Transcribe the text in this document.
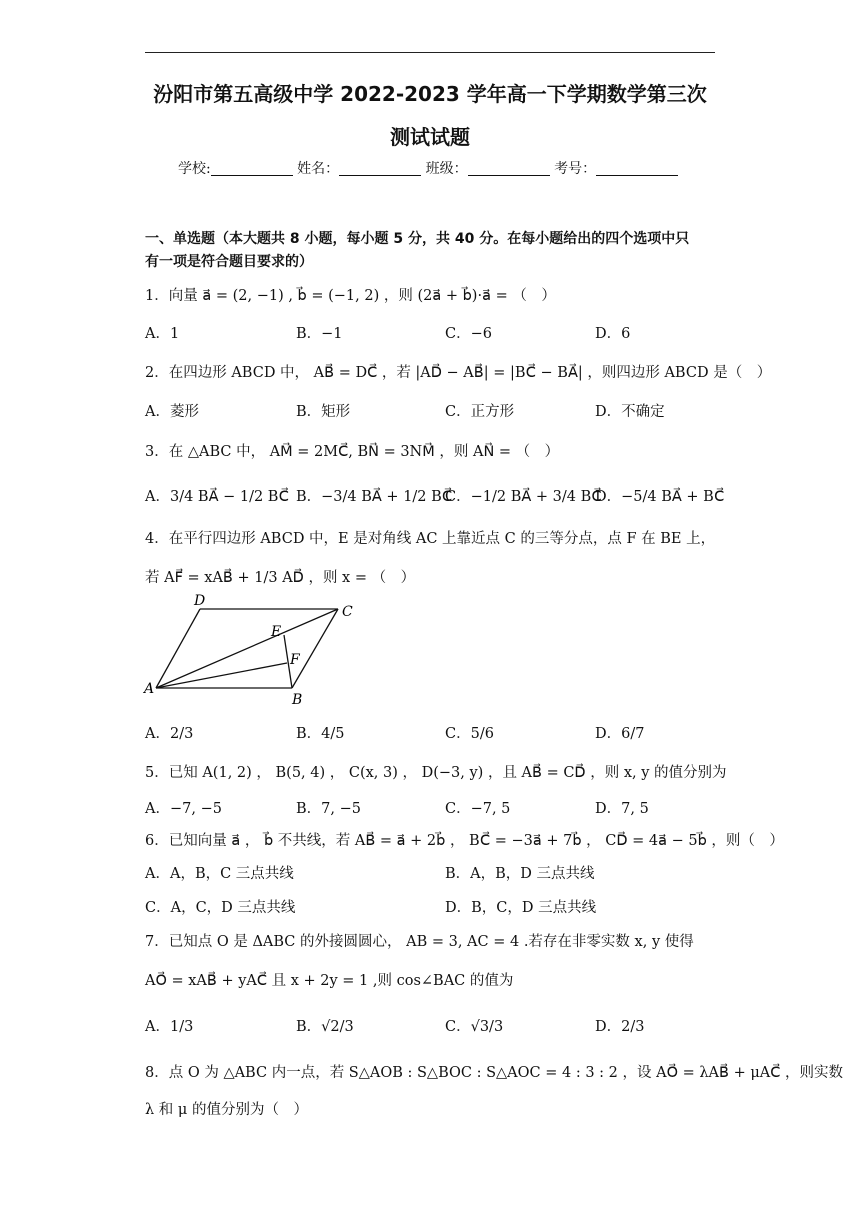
汾阳市第五高级中学 2022-2023 学年高一下学期数学第三次
测试试题
学校:	姓名：	班级：	考号：
一、单选题（本大题共 8 小题，每小题 5 分，共 40 分。在每小题给出的四个选项中只
有一项是符合题目要求的）
1．向量 a⃗ = (2, −1) , b⃗ = (−1, 2) ，则 (2a⃗ + b⃗)·a⃗ = （　）
A．1	B．−1	C．−6	D．6
2．在四边形 ABCD 中， AB⃗ = DC⃗ ，若 |AD⃗ − AB⃗| = |BC⃗ − BA⃗| ，则四边形 ABCD 是（　）
A．菱形	B．矩形	C．正方形	D．不确定
3．在 △ABC 中， AM⃗ = 2MC⃗, BN⃗ = 3NM⃗ ，则 AN⃗ = （　）
A．3/4 BA⃗ − 1/2 BC⃗ B．−3/4 BA⃗ + 1/2 BC⃗
C．−1/2 BA⃗ + 3/4 BC⃗
D．−5/4 BA⃗ + BC⃗
4．在平行四边形 ABCD 中，E 是对角线 AC 上靠近点 C 的三等分点，点 F 在 BE 上，
若 AF⃗ = xAB⃗ + 1/3 AD⃗ ，则 x = （　）
D
C
E
F
A
B
A．2/3	B．4/5	C．5/6	D．6/7
5．已知 A(1, 2) ， B(5, 4) ， C(x, 3) ， D(−3, y) ，且 AB⃗ = CD⃗ ，则 x, y 的值分别为
A．−7, −5	B．7, −5	C．−7, 5	D．7, 5
6．已知向量 a⃗ ， b⃗ 不共线，若 AB⃗ = a⃗ + 2b⃗ ， BC⃗ = −3a⃗ + 7b⃗ ， CD⃗ = 4a⃗ − 5b⃗ ，则（　）
A．A，B，C 三点共线	B．A，B，D 三点共线
C．A，C，D 三点共线	D．B，C，D 三点共线
7．已知点 O 是 ΔABC 的外接圆圆心， AB = 3, AC = 4 .若存在非零实数 x, y 使得
AO⃗ = xAB⃗ + yAC⃗ 且 x + 2y = 1 ,则 cos∠BAC 的值为
A．1/3	B．√2/3	C．√3/3	D．2/3
8．点 O 为 △ABC 内一点，若 S△AOB : S△BOC : S△AOC = 4 : 3 : 2 ，设 AO⃗ = λAB⃗ + μAC⃗ ，则实数
λ 和 μ 的值分别为（　）
